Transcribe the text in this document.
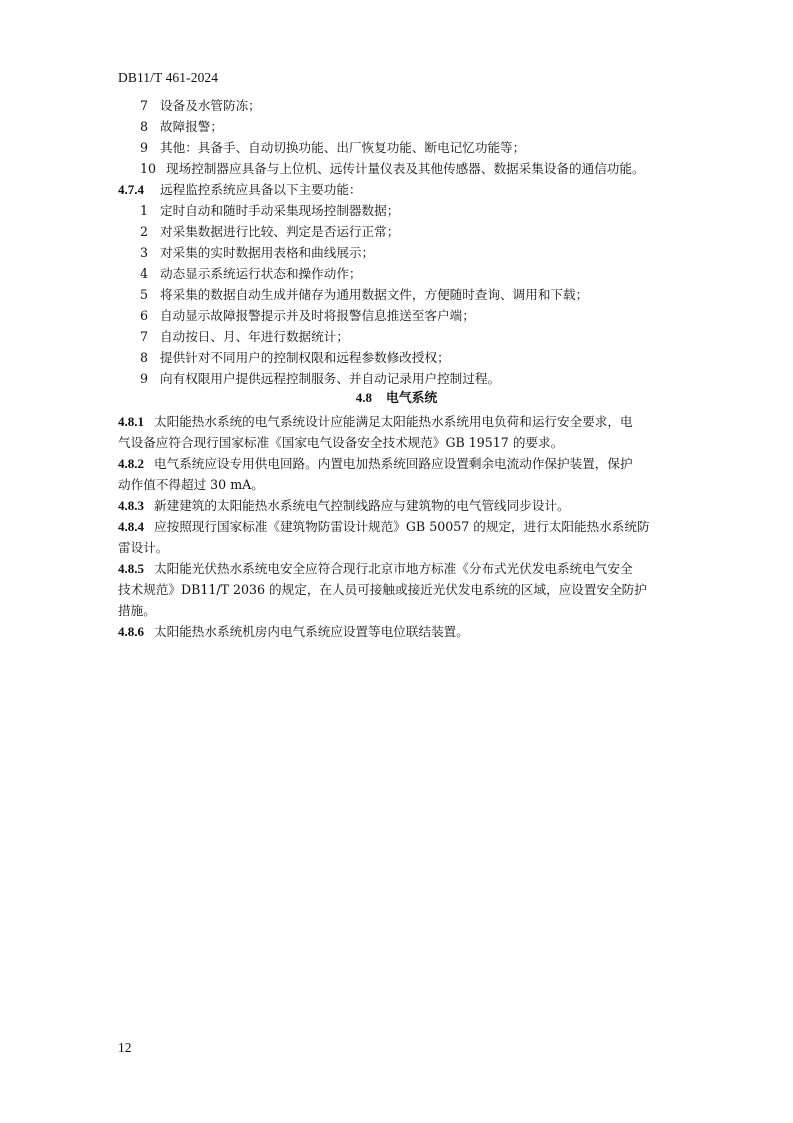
DB11/T 461-2024
7 设备及水管防冻；
8 故障报警；
9 其他：具备手、自动切换功能、出厂恢复功能、断电记忆功能等；
10 现场控制器应具备与上位机、远传计量仪表及其他传感器、数据采集设备的通信功能。
4.7.4 远程监控系统应具备以下主要功能：
1 定时自动和随时手动采集现场控制器数据；
2 对采集数据进行比较、判定是否运行正常；
3 对采集的实时数据用表格和曲线展示；
4 动态显示系统运行状态和操作动作；
5 将采集的数据自动生成并储存为通用数据文件，方便随时查询、调用和下载；
6 自动显示故障报警提示并及时将报警信息推送至客户端；
7 自动按日、月、年进行数据统计；
8 提供针对不同用户的控制权限和远程参数修改授权；
9 向有权限用户提供远程控制服务、并自动记录用户控制过程。
4.8 电气系统
4.8.1 太阳能热水系统的电气系统设计应能满足太阳能热水系统用电负荷和运行安全要求，电
气设备应符合现行国家标准《国家电气设备安全技术规范》GB 19517 的要求。
4.8.2 电气系统应设专用供电回路。内置电加热系统回路应设置剩余电流动作保护装置，保护
动作值不得超过 30 mA。
4.8.3 新建建筑的太阳能热水系统电气控制线路应与建筑物的电气管线同步设计。
4.8.4 应按照现行国家标准《建筑物防雷设计规范》GB 50057 的规定，进行太阳能热水系统防
雷设计。
4.8.5 太阳能光伏热水系统电安全应符合现行北京市地方标准《分布式光伏发电系统电气安全
技术规范》DB11/T 2036 的规定，在人员可接触或接近光伏发电系统的区域，应设置安全防护
措施。
4.8.6 太阳能热水系统机房内电气系统应设置等电位联结装置。
12
